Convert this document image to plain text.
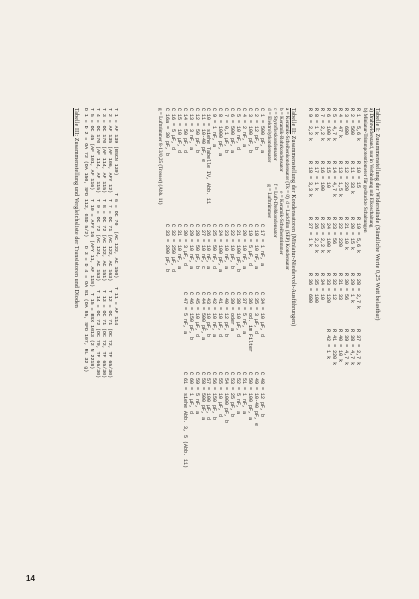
Tabelle I: Zusammenstellung der Widerstände (Sämtliche Werte 0,25 Watt belastbar)
a) Drahtwiderstand, nur in Verbindung mit Elkoschaltung
b) Miniatur-Trimmpotentiometer für gedruckte Schaltungen
R 1 = 5,6 k
R 2 = 560
R 3 = 680
R 4 = 47 k
R 5 = 4,7 k
R 6 = 100 k
R 7 = 2,2 k
R 8 = 1 k
R 9 = 2,2 k
R 10 = 15
R 11 = 33 k
R 12 = 220
R 13 = 1,5 k
R 14 = 4,7 k
R 15 = 10
R 16 = 100
R 17 = 1 k
R 18 = 3,3 k
R 19 = 5,6 k
R 20 = 15 k
R 21 = 10 k
R 22 = 220
R 23 = 56
R 24 = 100 k
R 25 = 2,2 k
R 26 = 2,2 k
R 27 = 1 k
R 28 = 2,7 k
R 29 = 1 k
R 30 = 56
R 31 = 33
R 32 = 12
R 33 = 120
R 34 = 10
R 35 = 100
R 36 = 680
R 37 = 2,7 k
R 38 = 4,7 k
R 39 = 4,7 k
R 40 = 10 k
R 41 = 220 k
R 42 = 1 k
Tabelle II: Zusammenstellung der Kondensatoren (Miniatur-Niedervolt-Ausführungen)
a = Keramik-Scheibenkondensator (Tk = 0)  d = Lackfilm (SEP) Kondensator
b = Keramik-Rohrkondensator               e = Keramik-Scheibentrimmer
c = Styroflexkondensator                  f = Luft-Drehkondensator
d = Elektrolytkondensator                 g = Lufttrimmer
C 1 = 500 pF, a
C 2 = 12 pF, b
C 3 = 100 pF, b
C 4 = 2 nF, a
C 5 = 10 nF, d
C 6 = 500 pF, a
C 7 = 0,1 µF, b
C 8 = 1000 pF, a
C 9 = 1 nF, a
C 10 = siehe Tabelle IV, Abb. 11
C 11 = 10-40 pF, e
C 12 = 50 pF, b
C 13 = 3 nF, a
C 14 = 50 pF, d
C 15 = 10 µF, d
C 16 = 5 µF, d
C 16a = 30 pF, b
C 17 = 1 nF, a
C 18 = 10 nF, a
C 19 = 5 µF, d
C 20 = 10 nF, a
C 21 = 100 pF, b
C 22 = 10 pF, b
C 23 = 10 nF, a
C 24 = 100 pF, a
C 25 = 50 nF, d
C 26 = 10 nF, a
C 27 = 10 nF, c
C 28 = 50 pF, b
C 29 = 10 nF, a
C 30 = 3 µF, d
C 31 = 10 nF, a
C 32 = 250 µF, d
C 33 = 200 pF, b
C 34 = 10 µF, d
C 35 = 3 µF, d
C 36 = od. im Filter
C 37 = 5 nF, a
C 38 = 10 µF, d
C 39 = oder a
C 40 = 12 pF, b
C 41 = 10 µF, d
C 42 = 10 nF, a
C 43 = 10 pF, b
C 44 = 500 pF, a
C 45 = 10 µF, d
C 46 = 150 pF, b
C 47 = 5 nF, a
C 48 = 12 pF, b
C 49 = 10-40 pF, e
C 50 = 100 pF, a
C 51 = 1 nF, a
C 52 = 5 nF, a
C 53 = 25 pF, b
C 54 = 1000 pF, b
C 55 = 10 µF, d
C 56 = 150 pF, b
C 57 = 100 µF, d
C 58 = 500 pF, a
C 59 = 5 nF, a
C 60 = 1 µF, d
C 61 = siehe Abb. 3, 5 (Abb. 11)
g = Lufttrimmer 8-13/0,25 (Trosser) (Abb. 11)
T 1 = AF 139 (BSCN 139)      T 6 = OC 70  (AC 122, AC 150)   T 11 = AF 114
T 2 = AF 135 (AF 106, AFY 12)  T 7 = OC 71 (AC 122, AC 163)   T 12 = OC 71 (OC 72, TF 65/30)
T 3 = OC 170 (AF 114, AF 115)  T 8 = OC 72 (AC 122, AC 151)   T 13 = OC 71 (OC 72, TF 65/30)
T 4 = OC 170 (AF 114, AF 115)  T 9 = OC 72 (AC 124, AC 153)   T 14 = OC 72 (OC 79, TF 66/30)
T 5 = OC 45 (AF 101, AF 116)   T 10 = AFY 16 (AFY 11, AF 118)  T 15 = BSX 1013 (2 N 2218)
D 1 = D 2 = OA 72 (OA 150, SFD 112, GSD 5/2)   D 3 = D 4 = OA 81 (OA 85, SFD 107, RL 32 g)
Tabelle III: Zusammenstellung und Vergleichsliste der Transistoren und Dioden
14
